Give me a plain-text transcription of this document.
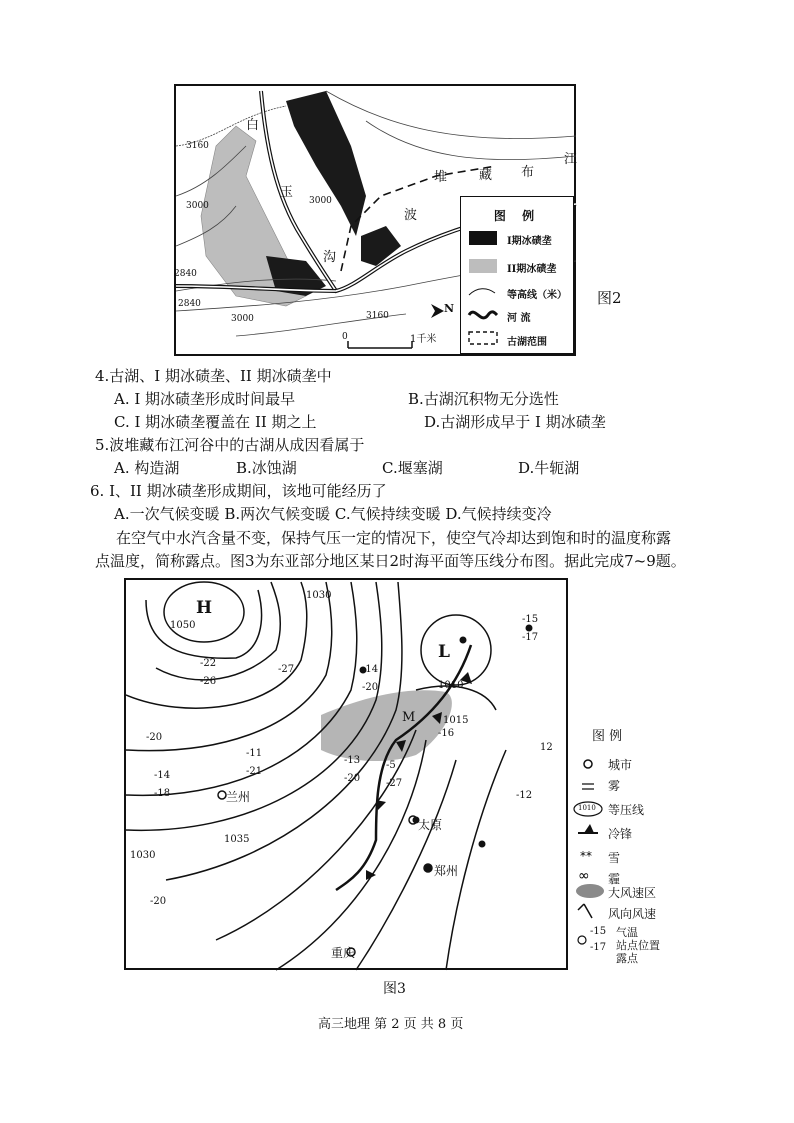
白
玉
沟
堆 藏 布
江
波
3160
3000	3000
2840
2840
3000	3160
0	1千米
N
图 例
I期冰碛垄
II期冰碛垄
等高线（米）
河 流
古湖范围
图2
4.古湖、I 期冰碛垄、II 期冰碛垄中
A. I 期冰碛垄形成时间最早	B.古湖沉积物无分选性
C. I 期冰碛垄覆盖在 II 期之上	D.古湖形成早于 I 期冰碛垄
5.波堆藏布江河谷中的古湖从成因看属于
A. 构造湖	B.冰蚀湖	C.堰塞湖	D.牛轭湖
6. I、II 期冰碛垄形成期间，该地可能经历了
A.一次气候变暖 B.两次气候变暖 C.气候持续变暖 D.气候持续变冷
在空气中水汽含量不变，保持气压一定的情况下，使空气冷却达到饱和时的温度称露
点温度，简称露点。图3为东亚部分地区某日2时海平面等压线分布图。据此完成7~9题。
H
L
M
1050
1030
1030
1035
1015
1010
兰州
太原
郑州
重庆
-22
-26
-20
-27	-14
-20
-14
-18
-11
-21
-13
-20
-5
-27
-15
-17
-16
12
-20
-12
图 例
**
∞
城市
雾
等压线
冷锋
雪
霾
大风速区
风向风速
-15
-17
气温
站点位置
露点
1010
图3
高三地理 第 2 页 共 8 页
